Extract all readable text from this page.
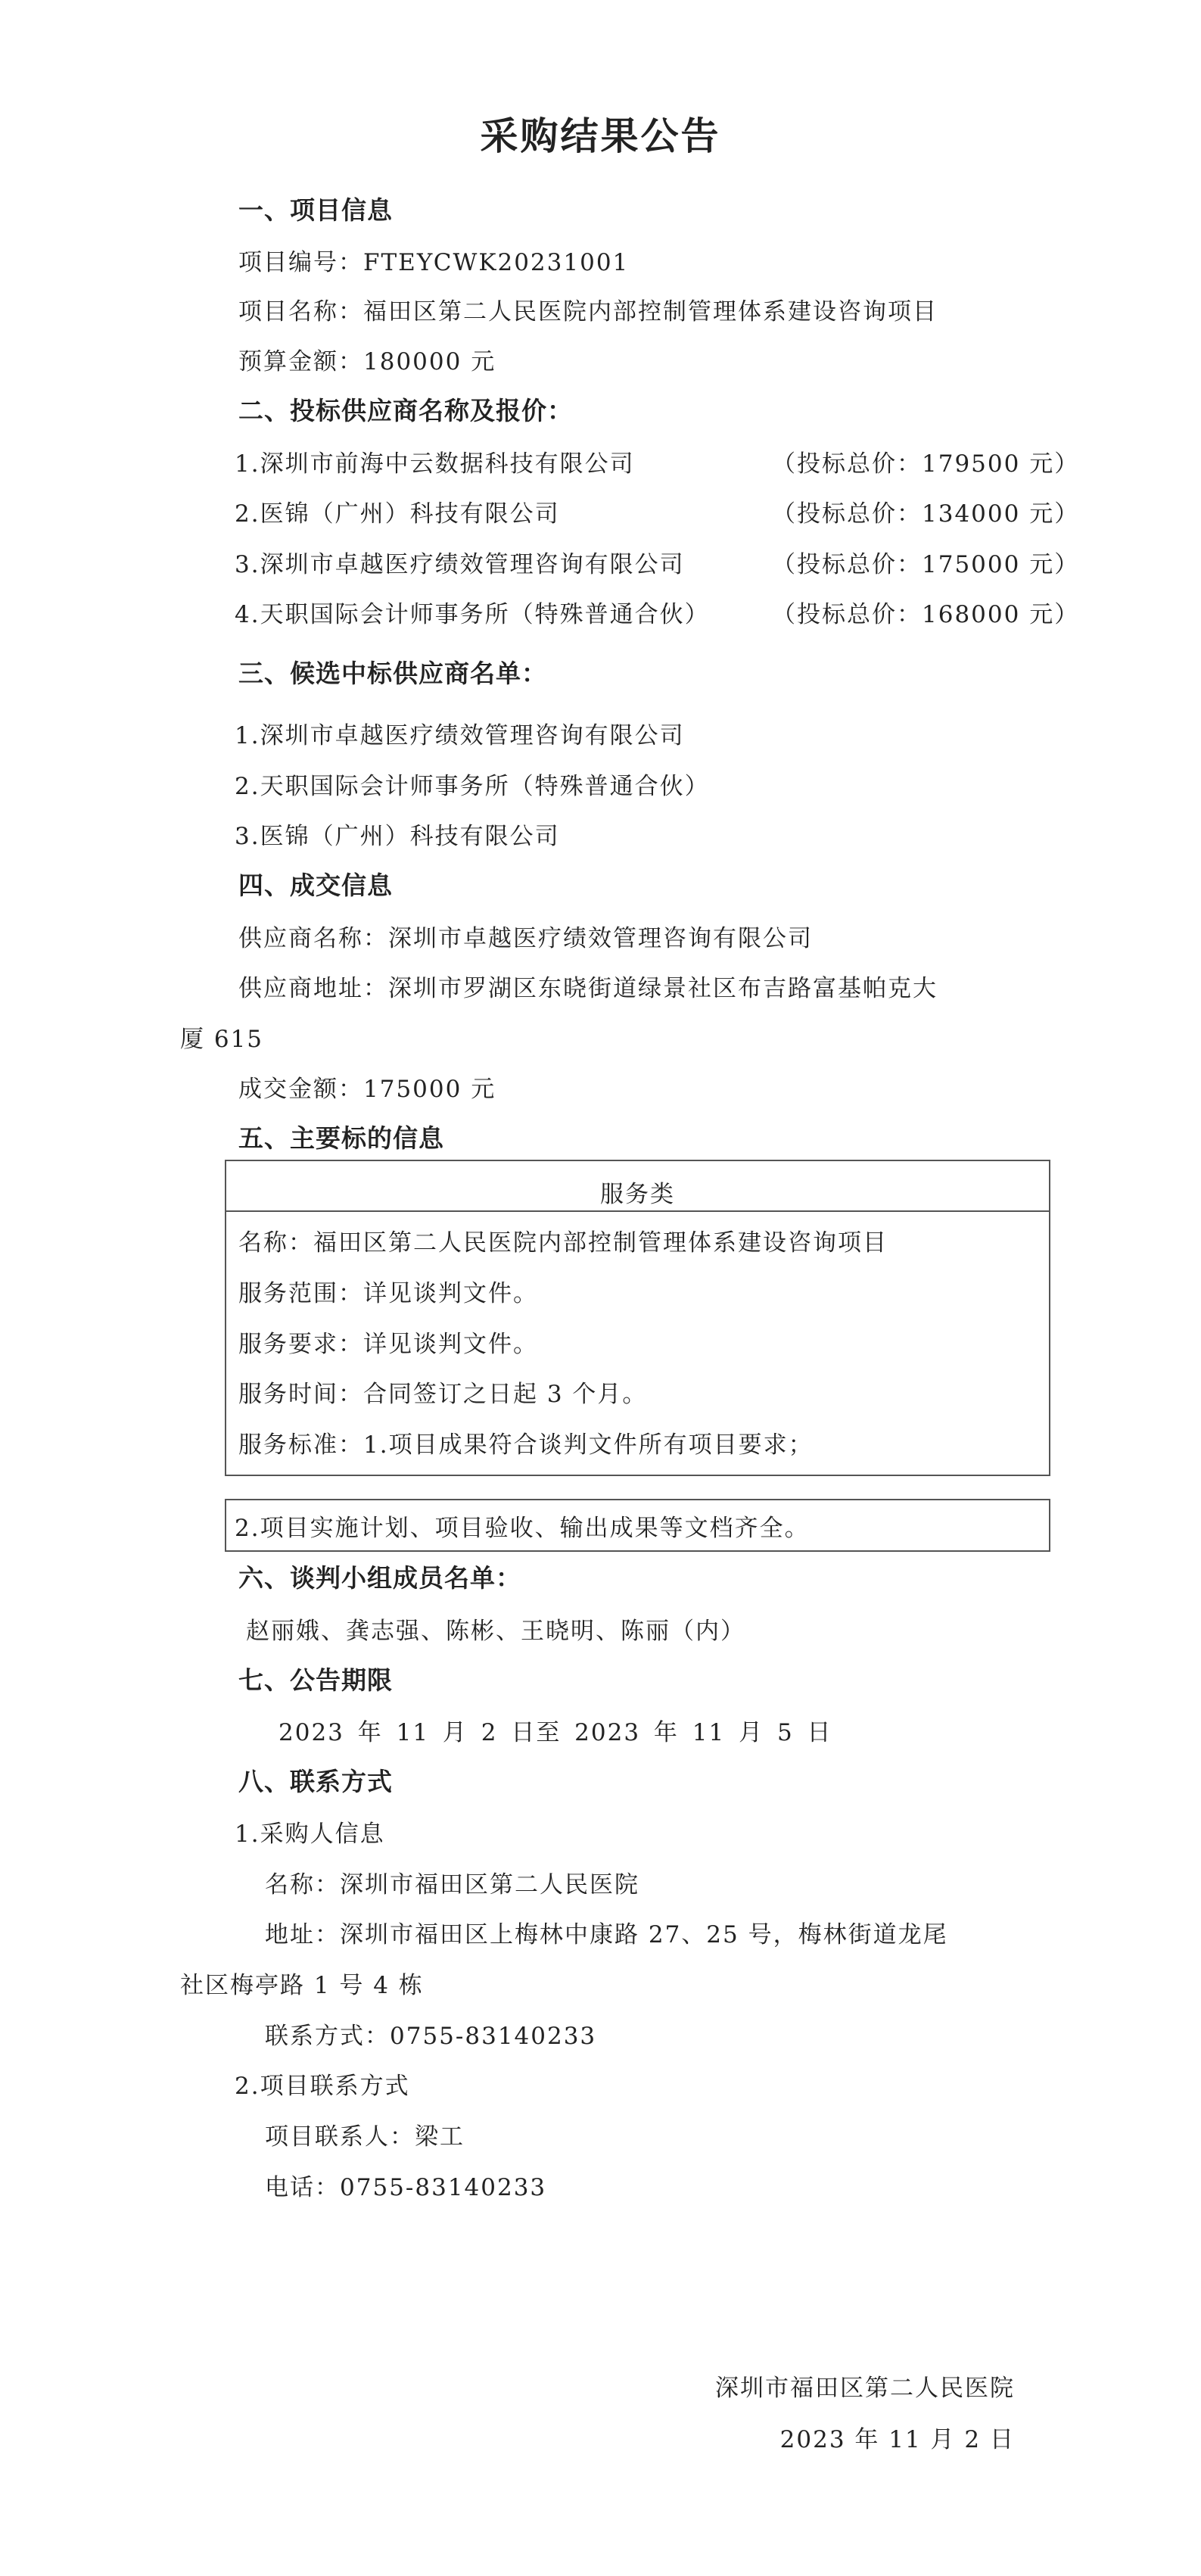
采购结果公告
一、项目信息
项目编号：FTEYCWK20231001
项目名称：福田区第二人民医院内部控制管理体系建设咨询项目
预算金额：180000 元
二、投标供应商名称及报价：
1.深圳市前海中云数据科技有限公司	（投标总价：179500 元）
2.医锦（广州）科技有限公司	（投标总价：134000 元）
3.深圳市卓越医疗绩效管理咨询有限公司	（投标总价：175000 元）
4.天职国际会计师事务所（特殊普通合伙）	（投标总价：168000 元）
三、候选中标供应商名单：
1.深圳市卓越医疗绩效管理咨询有限公司
2.天职国际会计师事务所（特殊普通合伙）
3.医锦（广州）科技有限公司
四、成交信息
供应商名称：深圳市卓越医疗绩效管理咨询有限公司
供应商地址：深圳市罗湖区东晓街道绿景社区布吉路富基帕克大
厦 615
成交金额：175000 元
五、主要标的信息
服务类
名称：福田区第二人民医院内部控制管理体系建设咨询项目
服务范围：详见谈判文件。
服务要求：详见谈判文件。
服务时间：合同签订之日起 3 个月。
服务标准：1.项目成果符合谈判文件所有项目要求；
2.项目实施计划、项目验收、输出成果等文档齐全。
六、谈判小组成员名单：
赵丽娥、龚志强、陈彬、王晓明、陈丽（内）
七、公告期限
2023 年 11 月 2 日至 2023 年 11 月 5 日
八、联系方式
1.采购人信息
名称：深圳市福田区第二人民医院
地址：深圳市福田区上梅林中康路 27、25 号，梅林街道龙尾
社区梅亭路 1 号 4 栋
联系方式：0755-83140233
2.项目联系方式
项目联系人：梁工
电话：0755-83140233
深圳市福田区第二人民医院
2023 年 11 月 2 日
